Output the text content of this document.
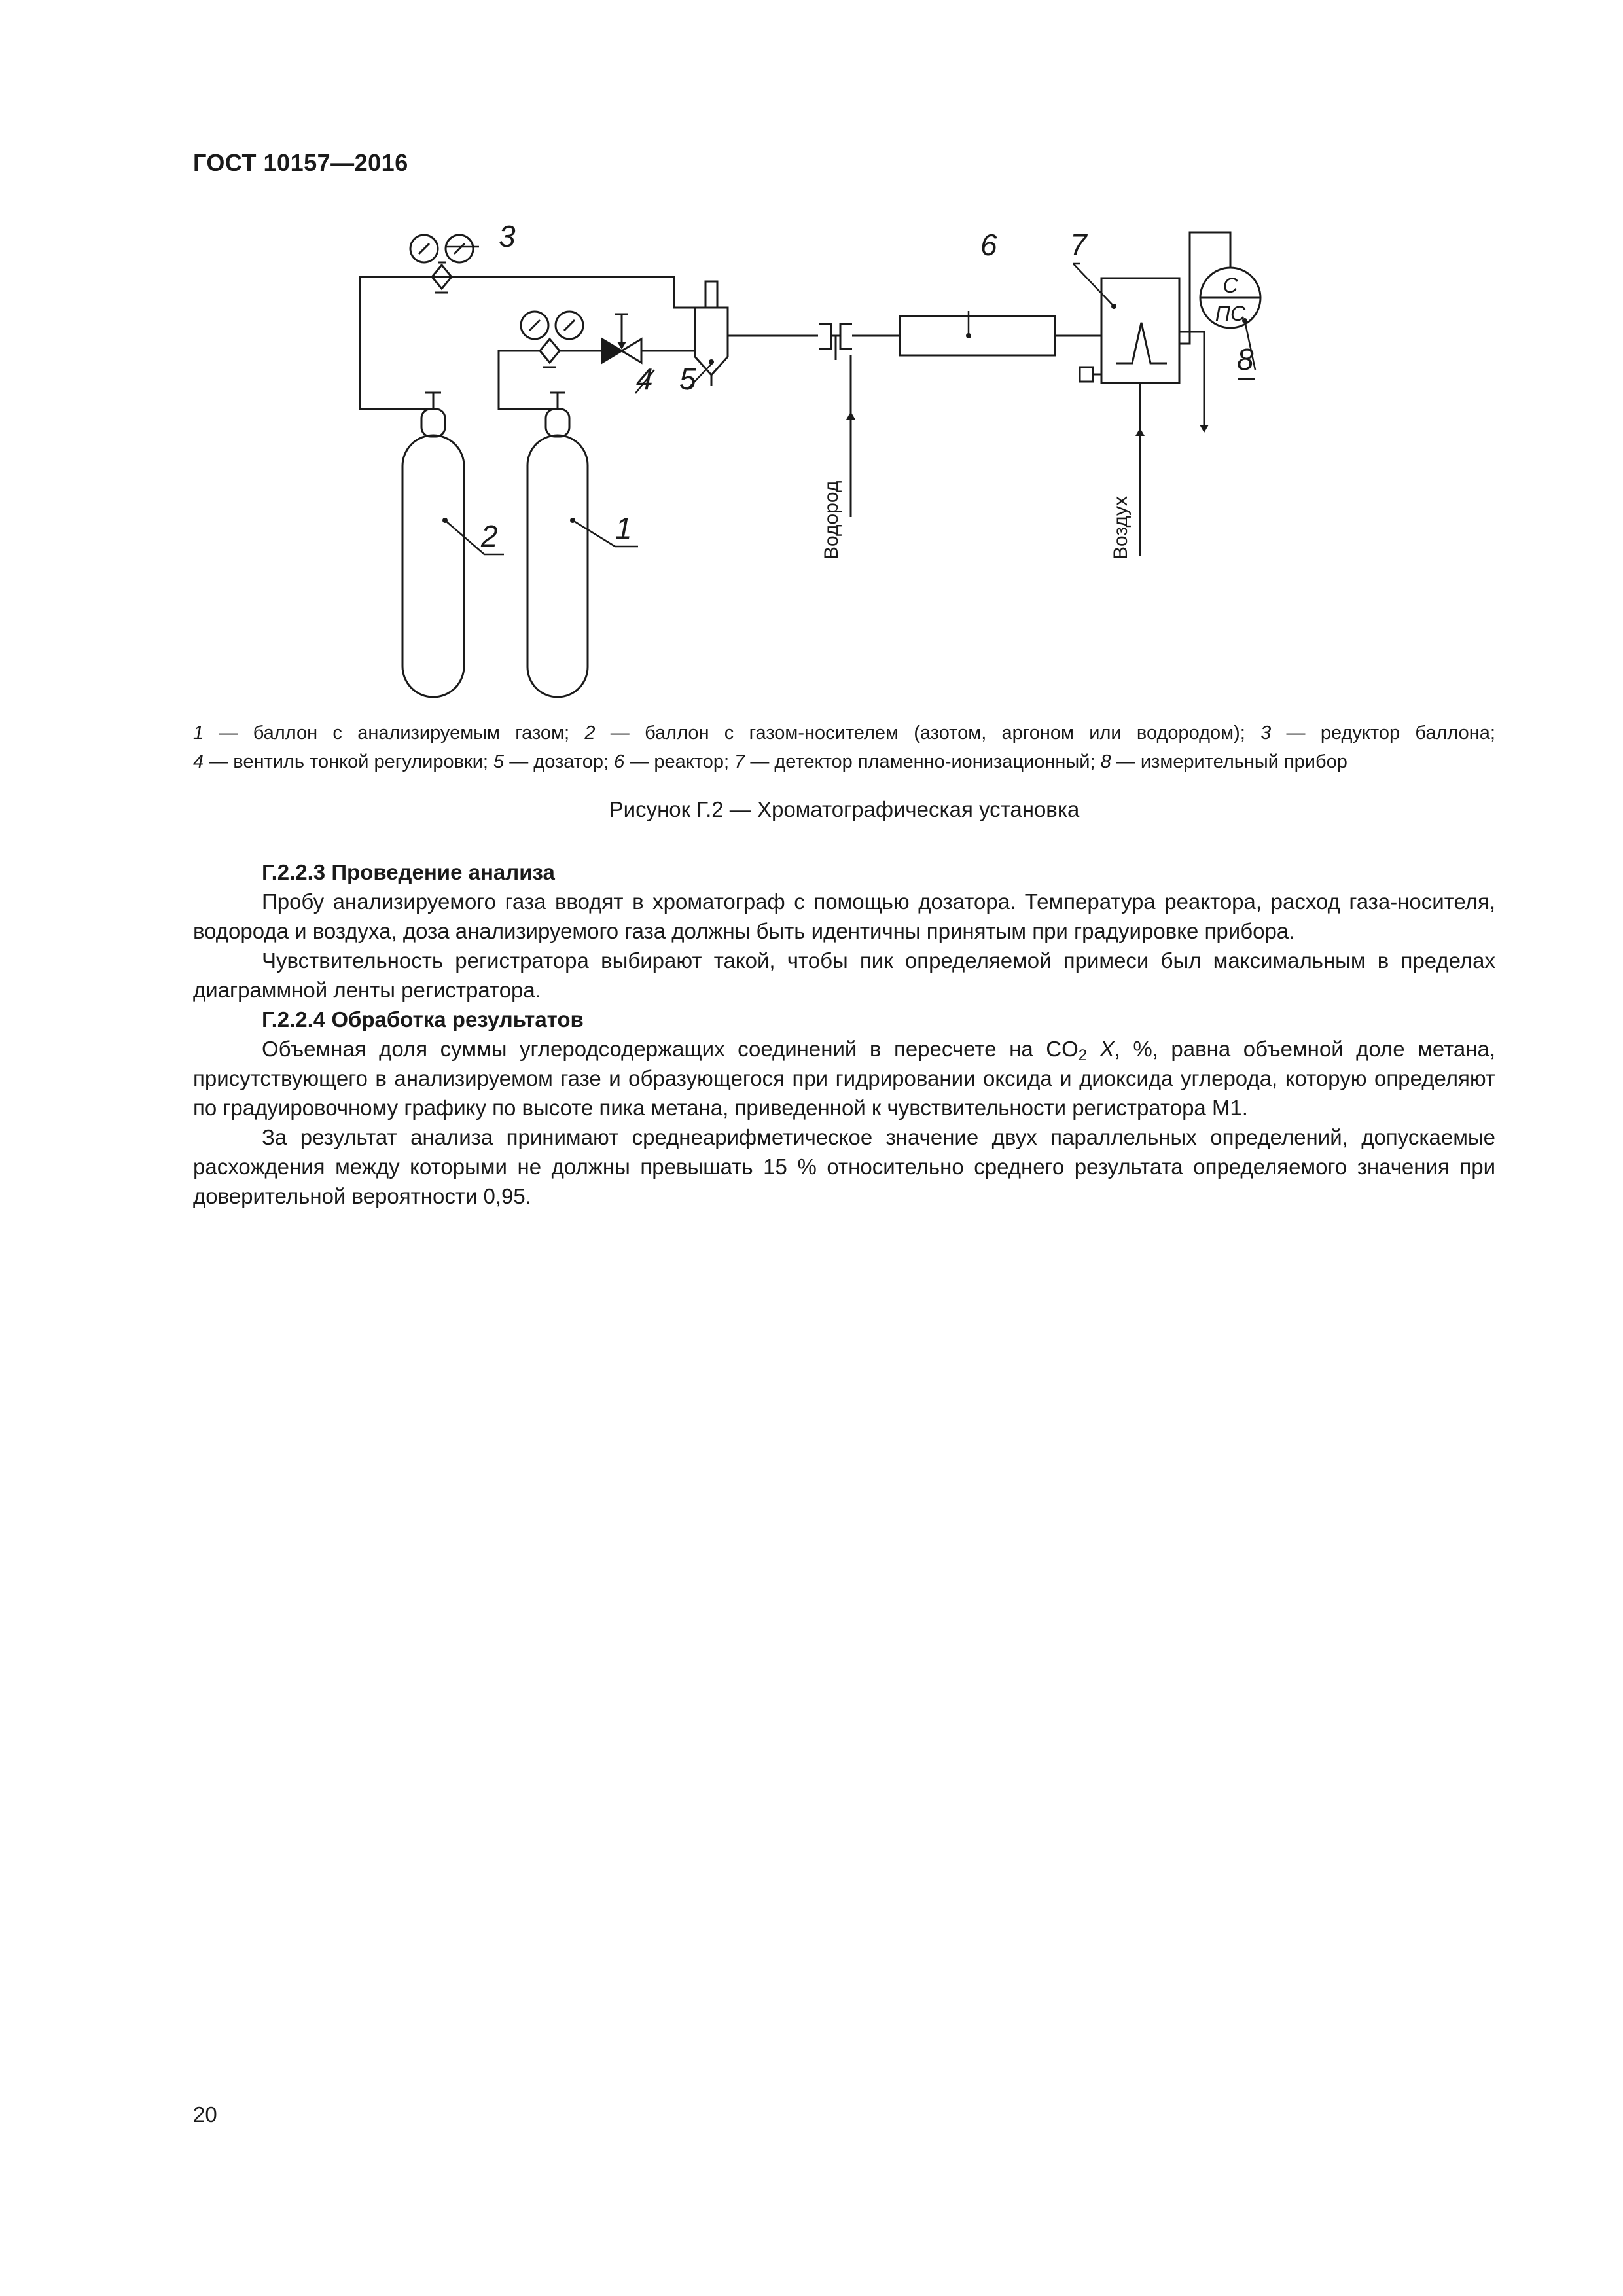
ГОСТ 10157—2016
3
4 5
6 7
8
2	1
С
ПС
Водород	Воздух
1 — баллон с анализируемым газом; 2 — баллон с газом-носителем (азотом, аргоном или водородом); 3 — редуктор баллона;
4 — вентиль тонкой регулировки; 5 — дозатор; 6 — реактор; 7 — детектор пламенно-ионизационный; 8 — измерительный прибор
Рисунок Г.2 — Хроматографическая установка

Г.2.2.3 Проведение анализа

Пробу анализируемого газа вводят в хроматограф с помощью дозатора. Температура реактора, расход газа-носителя, водорода и воздуха, доза анализируемого газа должны быть идентичны принятым при градуировке прибора.

Чувствительность регистратора выбирают такой, чтобы пик определяемой примеси был максимальным в пределах диаграммной ленты регистратора.

Г.2.2.4 Обработка результатов

Объемная доля суммы углеродсодержащих соединений в пересчете на $CO_2$ X, %, равна объемной доле метана, присутствующего в анализируемом газе и образующегося при гидрировании оксида и диоксида углерода, которую определяют по градуировочному графику по высоте пика метана, приведенной к чувствительности регистратора М1.

За результат анализа принимают среднеарифметическое значение двух параллельных определений, допускаемые расхождения между которыми не должны превышать 15 % относительно среднего результата определяемого значения при доверительной вероятности 0,95.

20
